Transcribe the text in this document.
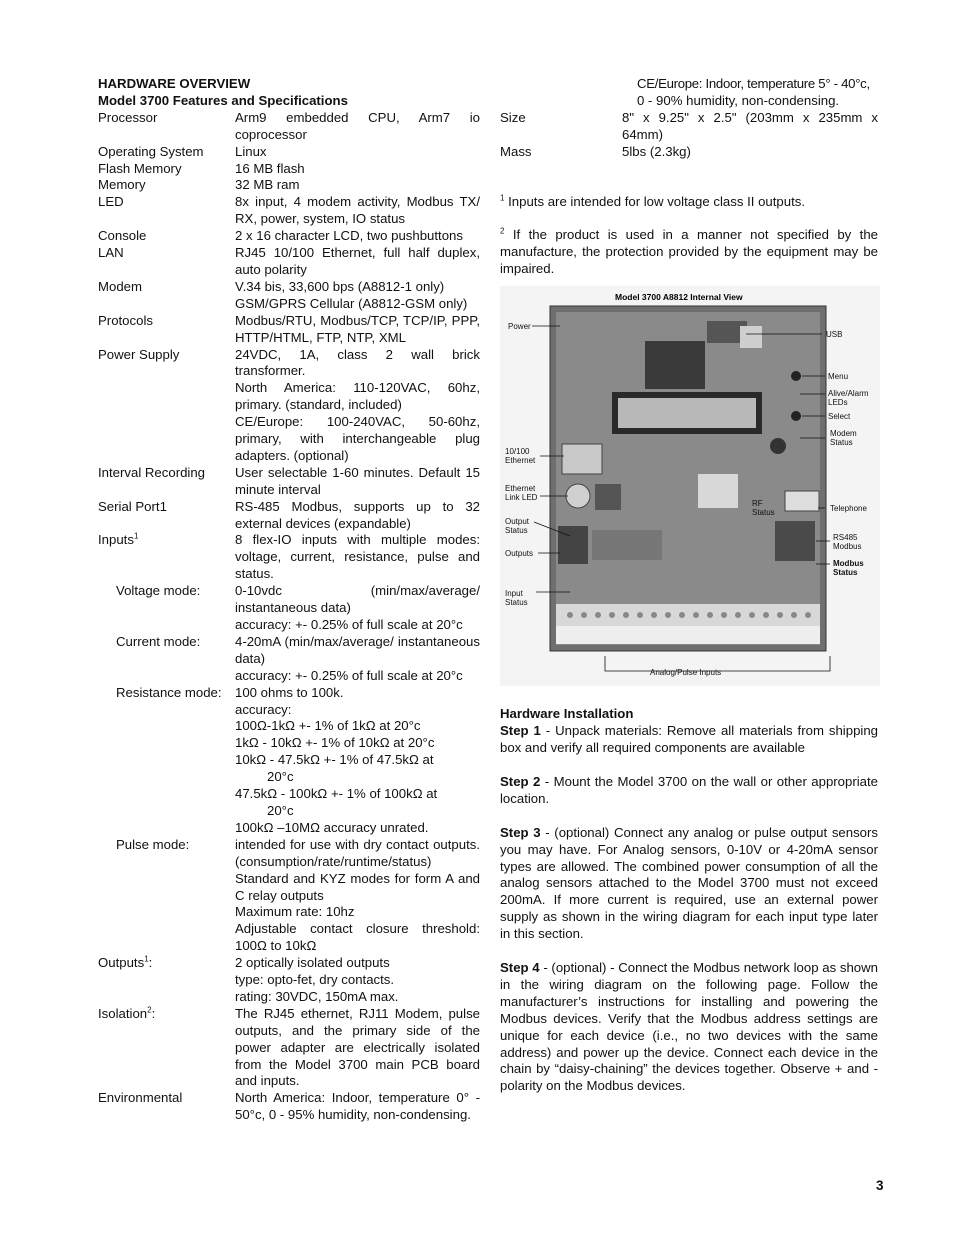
HARDWARE OVERVIEW
Model 3700 Features and Specifications
Processor	Arm9 embedded CPU, Arm7 io coprocessor

Operating System	Linux

Flash Memory	16 MB flash

Memory	32 MB ram

LED	8x input, 4 modem activity, Modbus TX/ RX, power, system, IO status

Console	2 x 16 character LCD, two pushbuttons

LAN	RJ45 10/100 Ethernet, full half duplex, auto polarity

Modem	V.34 bis, 33,600 bps (A8812-1 only)

GSM/GPRS Cellular (A8812-GSM only)

Protocols	Modbus/RTU, Modbus/TCP, TCP/IP, PPP, HTTP/HTML, FTP, NTP, XML

Power Supply	24VDC, 1A, class 2 wall brick transformer.

North America: 110-120VAC, 60hz, primary. (standard, included)

CE/Europe: 100-240VAC, 50-60hz, primary, with interchangeable plug adapters. (optional)

Interval Recording	User selectable 1-60 minutes. Default 15 minute interval

Serial Port1	RS-485 Modbus, supports up to 32 external devices (expandable)

Inputs$^1$	8 flex-IO inputs with multiple modes: voltage, current, resistance, pulse and status.

Voltage mode:	0-10vdc (min/max/average/ instantaneous data)

accuracy: +- 0.25% of full scale at 20°c

Current mode:	4-20mA (min/max/average/ instantaneous data)

accuracy: +- 0.25% of full scale at 20°c

Resistance mode:	100 ohms to 100k.

accuracy:

100Ω-1kΩ +- 1% of 1kΩ at 20°c

1kΩ - 10kΩ +- 1% of 10kΩ at 20°c

10kΩ - 47.5kΩ +- 1% of 47.5kΩ at

20°c

47.5kΩ - 100kΩ +- 1% of 100kΩ at

20°c

100kΩ –10MΩ accuracy unrated.

Pulse mode:	intended for use with dry contact outputs. (consumption/rate/runtime/status)

Standard and KYZ modes for form A and C relay outputs

Maximum rate: 10hz

Adjustable contact closure threshold: 100Ω to 10kΩ

Outputs$^1$:	2 optically isolated outputs

type: opto-fet, dry contacts.

rating: 30VDC, 150mA max.

Isolation$^2$:	The RJ45 ethernet, RJ11 Modem, pulse outputs, and the primary side of the power adapter are electrically isolated from the Model 3700 main PCB board and inputs.

Environmental	North America: Indoor, temperature 0° - 50°c, 0 - 95% humidity, non-condensing.

CE/Europe: Indoor, temperature 5° - 40°c,

0 - 90% humidity, non-condensing.

Size	8" x 9.25" x 2.5" (203mm x 235mm x 64mm)
Mass	5lbs (2.3kg)

$^1$ Inputs are intended for low voltage class II outputs.

$^2$ If the product is used in a manner not specified by the manufacture, the protection provided by the equipment may be impaired.

Model 3700 A8812 Internal View
Power
10/100 Ethernet
Ethernet Link LED
Output Status
Outputs
Input Status
USB
Menu
Alive/Alarm LEDs
Select
Modem Status
Telephone
RS485 Modbus
Modbus Status
RF Status
Analog/Pulse Inputs
Hardware Installation

Step 1 - Unpack materials: Remove all materials from shipping box and verify all required components are available

Step 2 - Mount the Model 3700 on the wall or other appropriate location.

Step 3 - (optional) Connect any analog or pulse output sensors you may have. For Analog sensors, 0-10V or 4-20mA sensor types are allowed. The combined power consumption of all the analog sensors attached to the Model 3700 must not exceed 200mA. If more current is required, use an external power supply as shown in the wiring diagram for each input type later in this section.

Step 4 - (optional) - Connect the Modbus network loop as shown in the wiring diagram on the following page. Follow the manufacturer’s instructions for installing and powering the Modbus devices. Verify that the Modbus address settings are unique for each device (i.e., no two devices with the same address) and power up the device. Connect each device in the chain by “daisy-chaining” the devices together. Observe + and - polarity on the Modbus devices.

3
